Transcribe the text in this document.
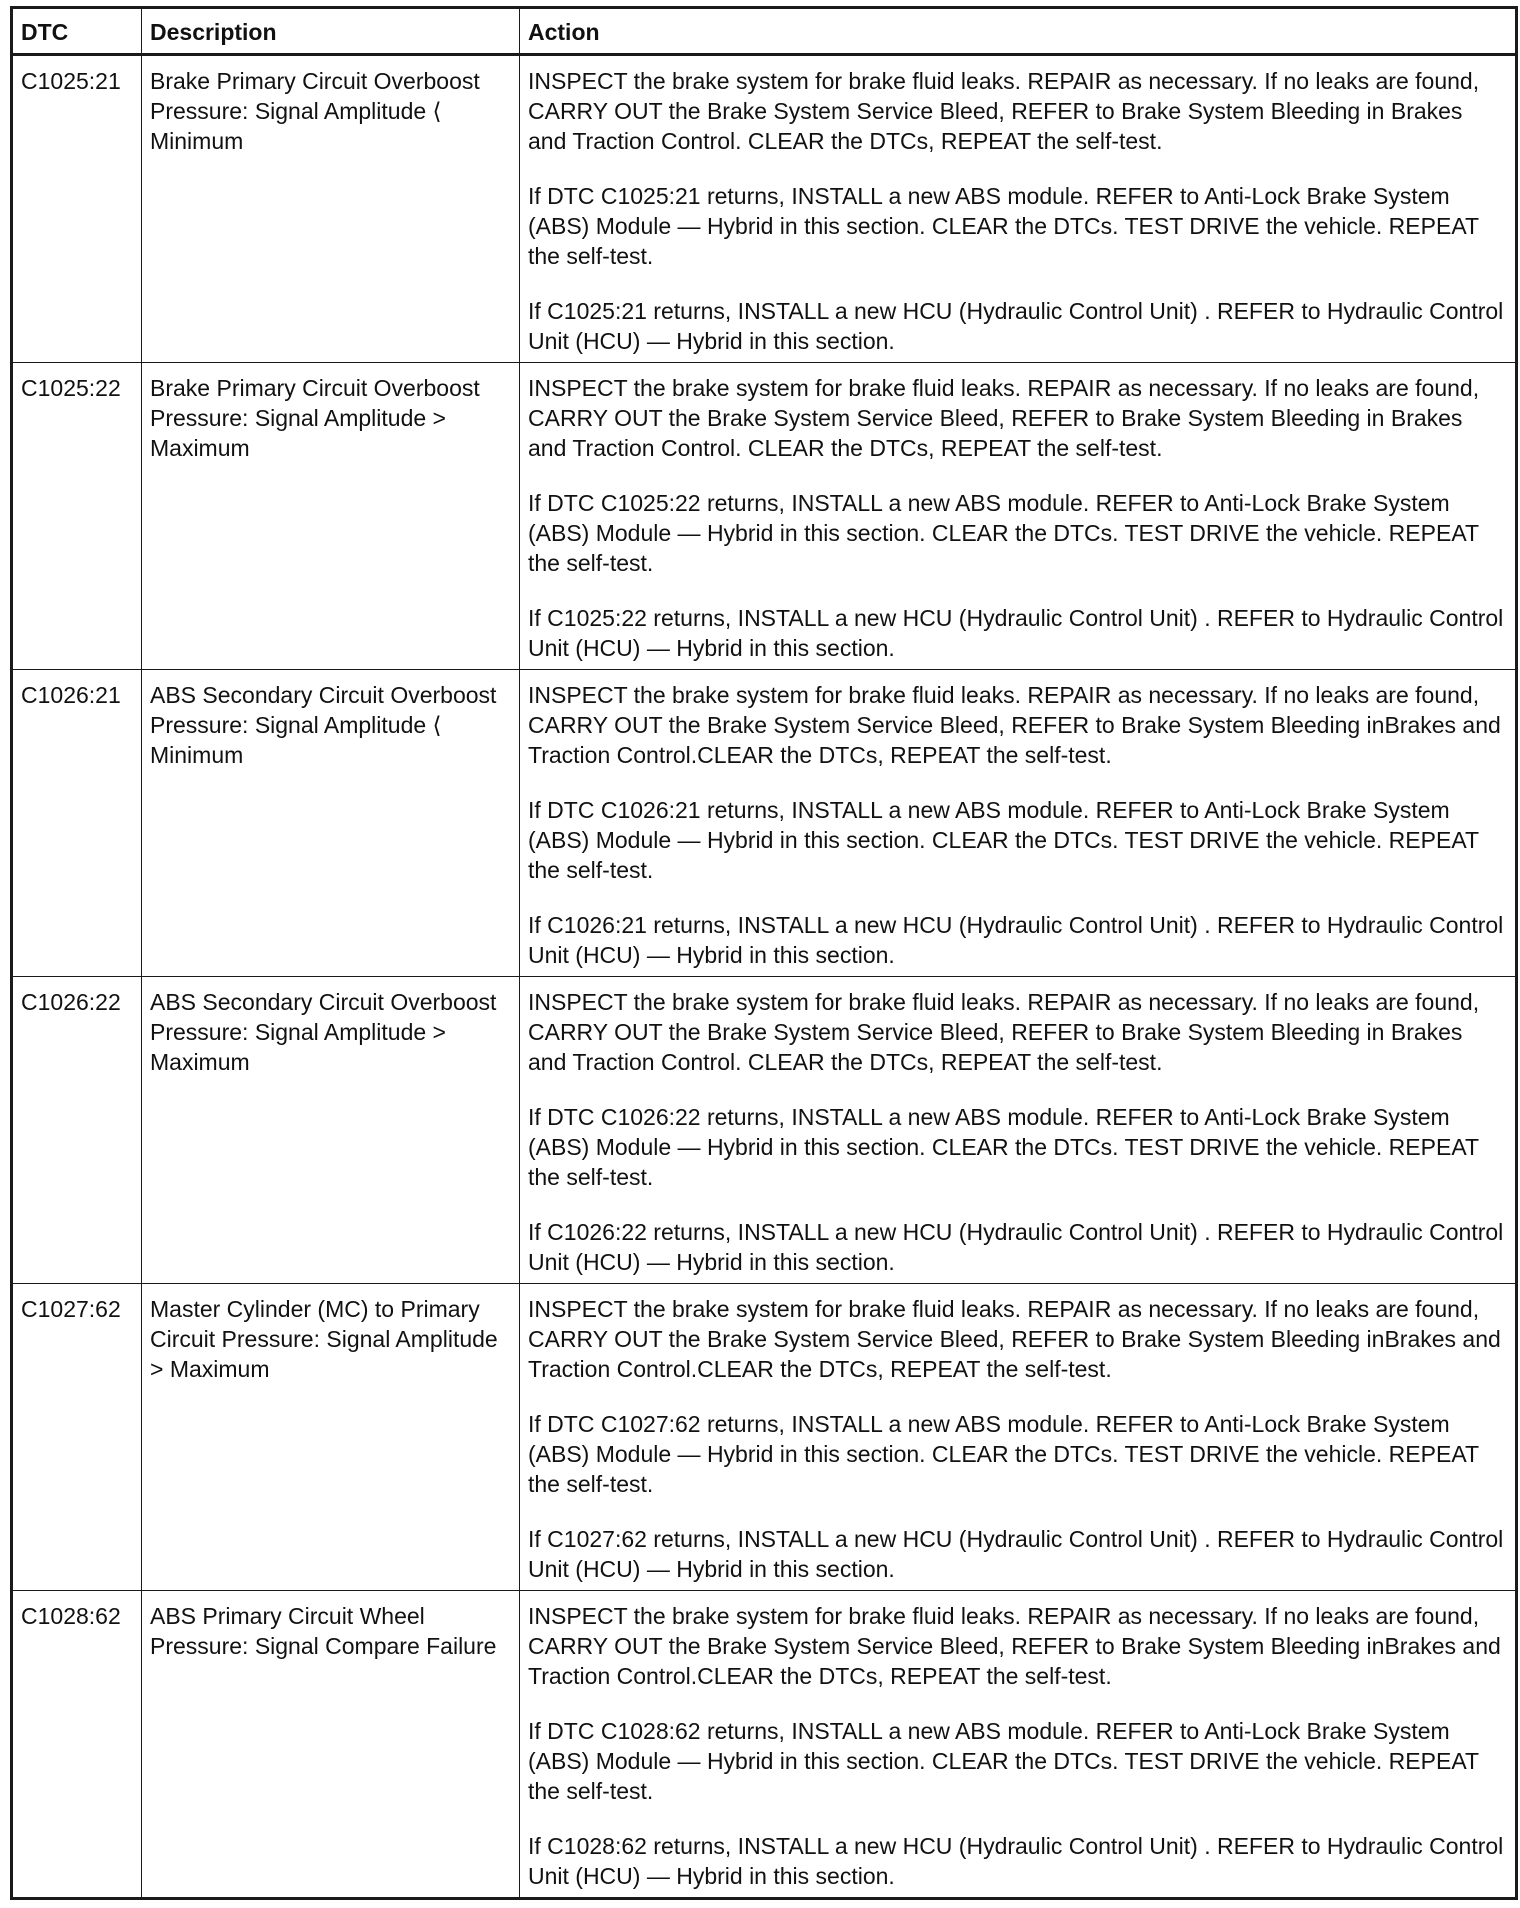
DTC	Description	Action
C1025:21	Brake Primary Circuit Overboost Pressure: Signal Amplitude ⟨ Minimum	INSPECT the brake system for brake fluid leaks. REPAIR as necessary. If no leaks are found, CARRY OUT the Brake System Service Bleed, REFER to Brake System Bleeding in Brakes and Traction Control. CLEAR the DTCs, REPEAT the self-test.

If DTC C1025:21 returns, INSTALL a new ABS module. REFER to Anti-Lock Brake System (ABS) Module — Hybrid in this section. CLEAR the DTCs. TEST DRIVE the vehicle. REPEAT the self-test.

If C1025:21 returns, INSTALL a new HCU (Hydraulic Control Unit) . REFER to Hydraulic Control Unit (HCU) — Hybrid in this section.

C1025:22	Brake Primary Circuit Overboost Pressure: Signal Amplitude > Maximum	INSPECT the brake system for brake fluid leaks. REPAIR as necessary. If no leaks are found, CARRY OUT the Brake System Service Bleed, REFER to Brake System Bleeding in Brakes and Traction Control. CLEAR the DTCs, REPEAT the self-test.

If DTC C1025:22 returns, INSTALL a new ABS module. REFER to Anti-Lock Brake System (ABS) Module — Hybrid in this section. CLEAR the DTCs. TEST DRIVE the vehicle. REPEAT the self-test.

If C1025:22 returns, INSTALL a new HCU (Hydraulic Control Unit) . REFER to Hydraulic Control Unit (HCU) — Hybrid in this section.

C1026:21	ABS Secondary Circuit Overboost Pressure: Signal Amplitude ⟨ Minimum	INSPECT the brake system for brake fluid leaks. REPAIR as necessary. If no leaks are found, CARRY OUT the Brake System Service Bleed, REFER to Brake System Bleeding inBrakes and Traction Control.CLEAR the DTCs, REPEAT the self-test.

If DTC C1026:21 returns, INSTALL a new ABS module. REFER to Anti-Lock Brake System (ABS) Module — Hybrid in this section. CLEAR the DTCs. TEST DRIVE the vehicle. REPEAT the self-test.

If C1026:21 returns, INSTALL a new HCU (Hydraulic Control Unit) . REFER to Hydraulic Control Unit (HCU) — Hybrid in this section.

C1026:22	ABS Secondary Circuit Overboost Pressure: Signal Amplitude > Maximum	INSPECT the brake system for brake fluid leaks. REPAIR as necessary. If no leaks are found, CARRY OUT the Brake System Service Bleed, REFER to Brake System Bleeding in Brakes and Traction Control. CLEAR the DTCs, REPEAT the self-test.

If DTC C1026:22 returns, INSTALL a new ABS module. REFER to Anti-Lock Brake System (ABS) Module — Hybrid in this section. CLEAR the DTCs. TEST DRIVE the vehicle. REPEAT the self-test.

If C1026:22 returns, INSTALL a new HCU (Hydraulic Control Unit) . REFER to Hydraulic Control Unit (HCU) — Hybrid in this section.

C1027:62	Master Cylinder (MC) to Primary Circuit Pressure: Signal Amplitude > Maximum	INSPECT the brake system for brake fluid leaks. REPAIR as necessary. If no leaks are found, CARRY OUT the Brake System Service Bleed, REFER to Brake System Bleeding inBrakes and Traction Control.CLEAR the DTCs, REPEAT the self-test.

If DTC C1027:62 returns, INSTALL a new ABS module. REFER to Anti-Lock Brake System (ABS) Module — Hybrid in this section. CLEAR the DTCs. TEST DRIVE the vehicle. REPEAT the self-test.

If C1027:62 returns, INSTALL a new HCU (Hydraulic Control Unit) . REFER to Hydraulic Control Unit (HCU) — Hybrid in this section.

C1028:62	ABS Primary Circuit Wheel Pressure: Signal Compare Failure	INSPECT the brake system for brake fluid leaks. REPAIR as necessary. If no leaks are found, CARRY OUT the Brake System Service Bleed, REFER to Brake System Bleeding inBrakes and Traction Control.CLEAR the DTCs, REPEAT the self-test.

If DTC C1028:62 returns, INSTALL a new ABS module. REFER to Anti-Lock Brake System (ABS) Module — Hybrid in this section. CLEAR the DTCs. TEST DRIVE the vehicle. REPEAT the self-test.

If C1028:62 returns, INSTALL a new HCU (Hydraulic Control Unit) . REFER to Hydraulic Control Unit (HCU) — Hybrid in this section.
